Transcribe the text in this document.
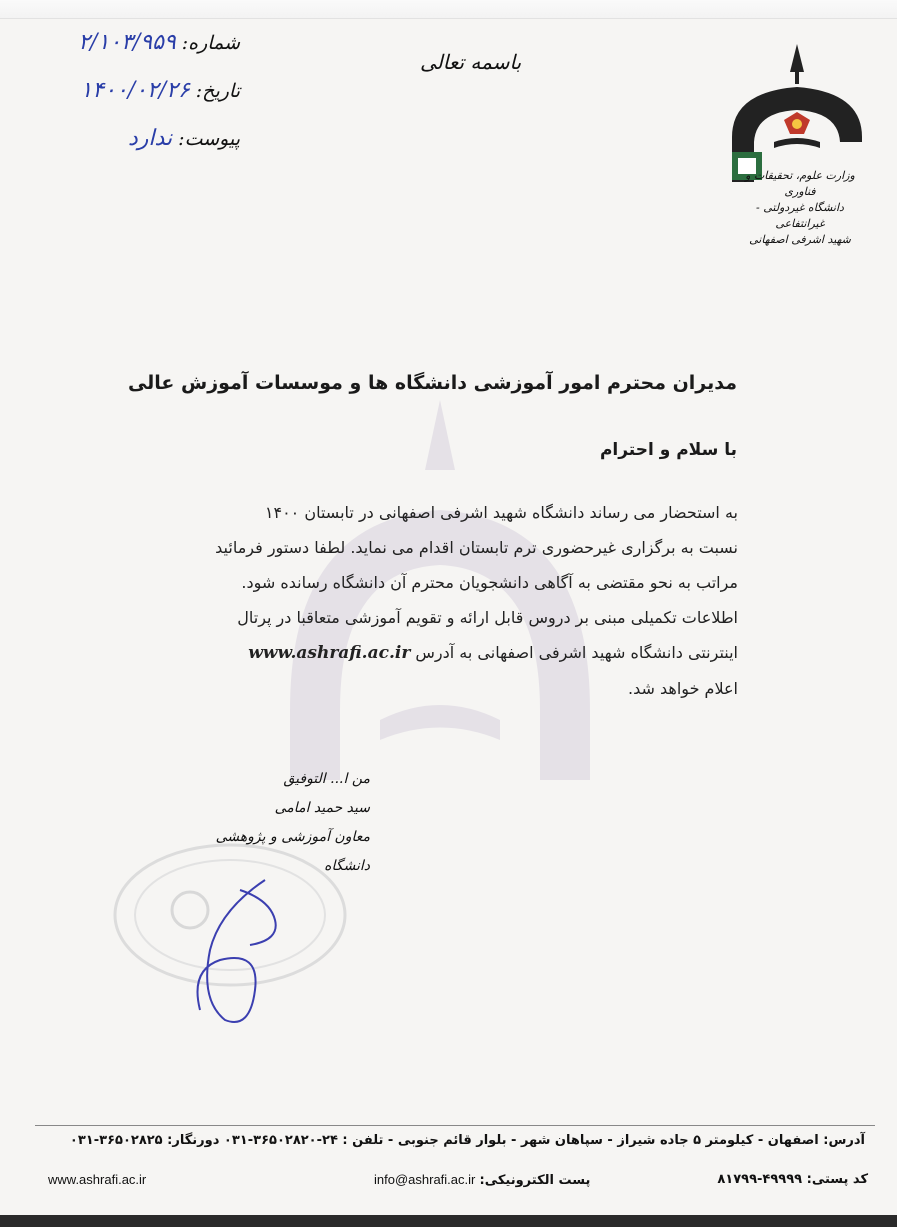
شماره:
۲/۱۰۳/۹۵۹
تاریخ:
۱۴۰۰/۰۲/۲۶
پیوست:
ندارد
باسمه تعالی
وزارت علوم، تحقیقات و فناوری
دانشگاه غیردولتی - غیرانتفاعی
شهید اشرفی اصفهانی
مدیران محترم امور آموزشی دانشگاه ها و موسسات آموزش عالی
با سلام و احترام
به استحضار می رساند دانشگاه شهید اشرفی اصفهانی در تابستان ۱۴۰۰
نسبت به برگزاری غیرحضوری ترم تابستان اقدام می نماید. لطفا دستور فرمائید
مراتب به نحو مقتضی به آگاهی دانشجویان محترم آن دانشگاه رسانده شود.
اطلاعات تکمیلی مبنی بر دروس قابل ارائه و تقویم آموزشی متعاقبا در پرتال
اینترنتی دانشگاه شهید اشرفی اصفهانی به آدرس www.ashrafi.ac.ir
اعلام خواهد شد.
من ا... التوفیق
سید حمید امامی
معاون آموزشی و پژوهشی دانشگاه
آدرس: اصفهان - کیلومتر ۵ جاده شیراز - سپاهان شهر - بلوار قائم جنوبی - تلفن : ۲۴-۳۶۵۰۲۸۲۰-۰۳۱ دورنگار: ۳۶۵۰۲۸۲۵-۰۳۱
www.ashrafi.ac.ir	پست الکترونیکی: info@ashrafi.ac.ir	کد پستی: ۴۹۹۹۹-۸۱۷۹۹
